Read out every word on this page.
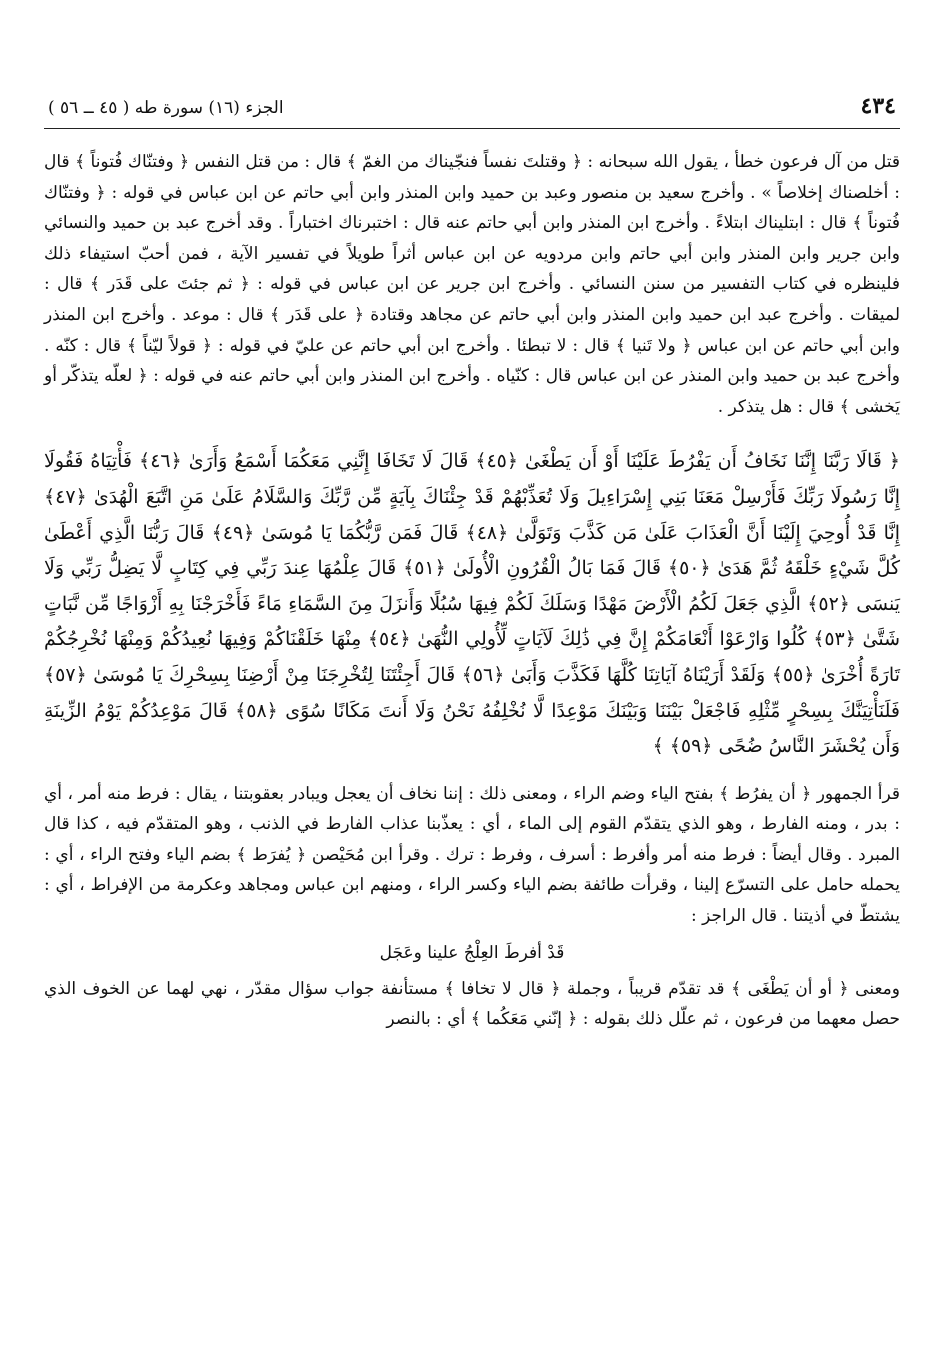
٤٣٤
الجزء (١٦) سورة طه ( ٤٥ ــ ٥٦ )

قتل من آل فرعون خطأ ، يقول الله سبحانه : ﴿ وقتلتَ نفساً فنجّيناك من الغمّ ﴾ قال : من قتل النفس ﴿ وفتنّاك فُتوناً ﴾ قال : أخلصناك إخلاصاً » . وأخرج سعيد بن منصور وعبد بن حميد وابن المنذر وابن أبي حاتم عن ابن عباس في قوله : ﴿ وفتنّاك فُتوناً ﴾ قال : ابتليناك ابتلاءً . وأخرج ابن المنذر وابن أبي حاتم عنه قال : اختبرناك اختباراً . وقد أخرج عبد بن حميد والنسائي وابن جرير وابن المنذر وابن أبي حاتم وابن مردويه عن ابن عباس أثراً طويلاً في تفسير الآية ، فمن أحبّ استيفاء ذلك فلينظره في كتاب التفسير من سنن النسائي . وأخرج ابن جرير عن ابن عباس في قوله : ﴿ ثم جئتَ على قَدَر ﴾ قال : لميقات . وأخرج عبد ابن حميد وابن المنذر وابن أبي حاتم عن مجاهد وقتادة ﴿ على قَدَر ﴾ قال : موعد . وأخرج ابن المنذر وابن أبي حاتم عن ابن عباس ﴿ ولا تَنيا ﴾ قال : لا تبطئا . وأخرج ابن أبي حاتم عن عليّ في قوله : ﴿ قولاً ليّناً ﴾ قال : كنّه . وأخرج عبد بن حميد وابن المنذر عن ابن عباس قال : كنّياه . وأخرج ابن المنذر وابن أبي حاتم عنه في قوله : ﴿ لعلّه يتذكّر أو يَخشى ﴾ قال : هل يتذكر .

﴿ قَالَا رَبَّنَا إِنَّنَا نَخَافُ أَن يَفْرُطَ عَلَيْنَا أَوْ أَن يَطْغَىٰ ﴿٤٥﴾ قَالَ لَا تَخَافَا إِنَّنِي مَعَكُمَا أَسْمَعُ وَأَرَىٰ ﴿٤٦﴾ فَأْتِيَاهُ فَقُولَا إِنَّا رَسُولَا رَبِّكَ فَأَرْسِلْ مَعَنَا بَنِي إِسْرَاءِيلَ وَلَا تُعَذِّبْهُمْ قَدْ جِئْنَاكَ بِآيَةٍ مِّن رَّبِّكَ وَالسَّلَامُ عَلَىٰ مَنِ اتَّبَعَ الْهُدَىٰ ﴿٤٧﴾ إِنَّا قَدْ أُوحِيَ إِلَيْنَا أَنَّ الْعَذَابَ عَلَىٰ مَن كَذَّبَ وَتَوَلَّىٰ ﴿٤٨﴾ قَالَ فَمَن رَّبُّكُمَا يَا مُوسَىٰ ﴿٤٩﴾ قَالَ رَبُّنَا الَّذِي أَعْطَىٰ كُلَّ شَيْءٍ خَلْقَهُ ثُمَّ هَدَىٰ ﴿٥٠﴾ قَالَ فَمَا بَالُ الْقُرُونِ الْأُولَىٰ ﴿٥١﴾ قَالَ عِلْمُهَا عِندَ رَبِّي فِي كِتَابٍ لَّا يَضِلُّ رَبِّي وَلَا يَنسَى ﴿٥٢﴾ الَّذِي جَعَلَ لَكُمُ الْأَرْضَ مَهْدًا وَسَلَكَ لَكُمْ فِيهَا سُبُلًا وَأَنزَلَ مِنَ السَّمَاءِ مَاءً فَأَخْرَجْنَا بِهِ أَزْوَاجًا مِّن نَّبَاتٍ شَتَّىٰ ﴿٥٣﴾ كُلُوا وَارْعَوْا أَنْعَامَكُمْ إِنَّ فِي ذَٰلِكَ لَآيَاتٍ لِّأُولِي النُّهَىٰ ﴿٥٤﴾ مِنْهَا خَلَقْنَاكُمْ وَفِيهَا نُعِيدُكُمْ وَمِنْهَا نُخْرِجُكُمْ تَارَةً أُخْرَىٰ ﴿٥٥﴾ وَلَقَدْ أَرَيْنَاهُ آيَاتِنَا كُلَّهَا فَكَذَّبَ وَأَبَىٰ ﴿٥٦﴾ قَالَ أَجِئْتَنَا لِتُخْرِجَنَا مِنْ أَرْضِنَا بِسِحْرِكَ يَا مُوسَىٰ ﴿٥٧﴾ فَلَنَأْتِيَنَّكَ بِسِحْرٍ مِّثْلِهِ فَاجْعَلْ بَيْنَنَا وَبَيْنَكَ مَوْعِدًا لَّا نُخْلِفُهُ نَحْنُ وَلَا أَنتَ مَكَانًا سُوًى ﴿٥٨﴾ قَالَ مَوْعِدُكُمْ يَوْمُ الزِّينَةِ وَأَن يُحْشَرَ النَّاسُ ضُحًى ﴿٥٩﴾ ﴾

قرأ الجمهور ﴿ أن يفرُط ﴾ بفتح الياء وضم الراء ، ومعنى ذلك : إننا نخاف أن يعجل ويبادر بعقوبتنا ، يقال : فرط منه أمر ، أي : بدر ، ومنه الفارط ، وهو الذي يتقدّم القوم إلى الماء ، أي : يعذّبنا عذاب الفارط في الذنب ، وهو المتقدّم فيه ، كذا قال المبرد . وقال أيضاً : فرط منه أمر وأفرط : أسرف ، وفرط : ترك . وقرأ ابن مُحَيْصن ﴿ يُفرَط ﴾ بضم الياء وفتح الراء ، أي : يحمله حامل على التسرّع إلينا ، وقرأت طائفة بضم الياء وكسر الراء ، ومنهم ابن عباس ومجاهد وعكرمة من الإفراط ، أي : يشتطّ في أذيتنا . قال الراجز :

قَدْ أفرطَ العِلْجُ علينا وعَجَل

ومعنى ﴿ أو أن يَطْغَى ﴾ قد تقدّم قريباً ، وجملة ﴿ قال لا تخافا ﴾ مستأنفة جواب سؤال مقدّر ، نهي لهما عن الخوف الذي حصل معهما من فرعون ، ثم علّل ذلك بقوله : ﴿ إنّني مَعَكُما ﴾ أي : بالنصر
